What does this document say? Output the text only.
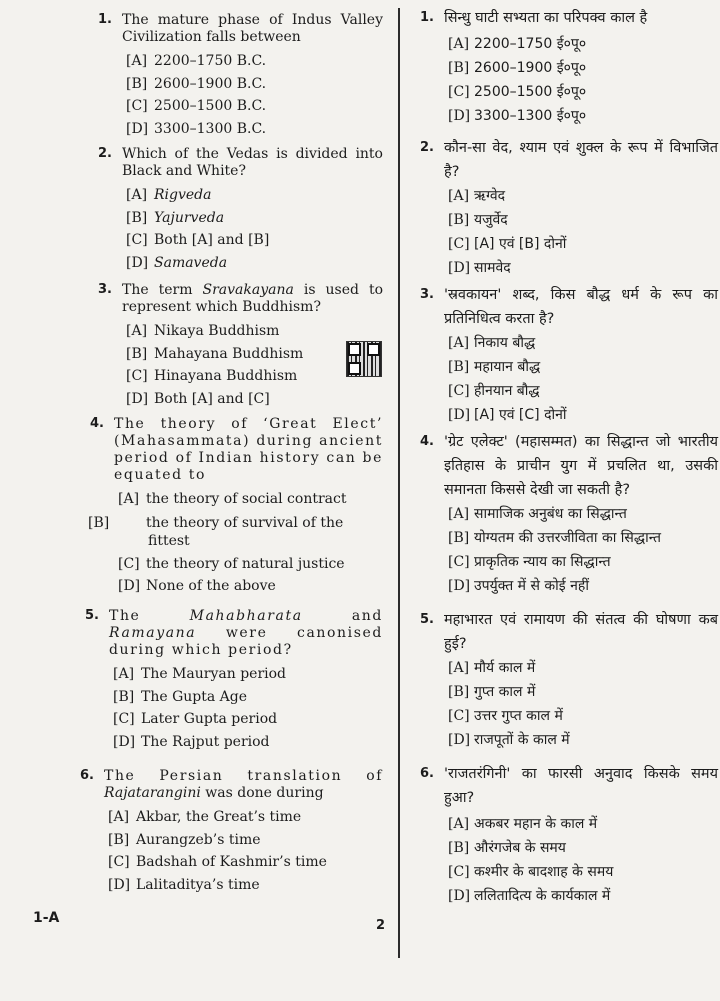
1. The mature phase of Indus Valley Civilization falls between
[A] 2200–1750 B.C.
[B] 2600–1900 B.C.
[C] 2500–1500 B.C.
[D] 3300–1300 B.C.
2. Which of the Vedas is divided into Black and White?
[A] Rigveda
[B] Yajurveda
[C] Both [A] and [B]
[D] Samaveda
3. The term Sravakayana is used to represent which Buddhism?
[A] Nikaya Buddhism
[B] Mahayana Buddhism
[C] Hinayana Buddhism
[D] Both [A] and [C]
4. The theory of ‘Great Elect’ (Mahasammata) during ancient period of Indian history can be equated to
[A] the theory of social contract
[B]	the theory of survival of the fittest
[C] the theory of natural justice
[D] None of the above
5. The Mahabharata and Ramayana were canonised during which period?
[A] The Mauryan period
[B] The Gupta Age
[C] Later Gupta period
[D] The Rajput period
6. The Persian translation of Rajatarangini was done during
[A] Akbar, the Great’s time
[B] Aurangzeb’s time
[C] Badshah of Kashmir’s time
[D] Lalitaditya’s time
1. सिन्धु घाटी सभ्यता का परिपक्व काल है
[A] 2200–1750 ई०पू०
[B] 2600–1900 ई०पू०
[C] 2500–1500 ई०पू०
[D] 3300–1300 ई०पू०
2. कौन-सा वेद, श्याम एवं शुक्ल के रूप में विभाजित है?
[A] ऋग्वेद
[B] यजुर्वेद
[C] [A] एवं [B] दोनों
[D] सामवेद
3. 'स्रवकायन' शब्द, किस बौद्ध धर्म के रूप का प्रतिनिधित्व करता है?
[A] निकाय बौद्ध
[B] महायान बौद्ध
[C] हीनयान बौद्ध
[D] [A] एवं [C] दोनों
4. 'ग्रेट एलेक्ट' (महासम्मत) का सिद्धान्त जो भारतीय इतिहास के प्राचीन युग में प्रचलित था, उसकी समानता किससे देखी जा सकती है?
[A] सामाजिक अनुबंध का सिद्धान्त
[B] योग्यतम की उत्तरजीविता का सिद्धान्त
[C] प्राकृतिक न्याय का सिद्धान्त
[D] उपर्युक्त में से कोई नहीं
5. महाभारत एवं रामायण की संतत्व की घोषणा कब हुई?
[A] मौर्य काल में
[B] गुप्त काल में
[C] उत्तर गुप्त काल में
[D] राजपूतों के काल में
6. 'राजतरंगिनी' का फारसी अनुवाद किसके समय हुआ?
[A] अकबर महान के काल में
[B] औरंगजेब के समय
[C] कश्मीर के बादशाह के समय
[D] ललितादित्य के कार्यकाल में
1-A	2
